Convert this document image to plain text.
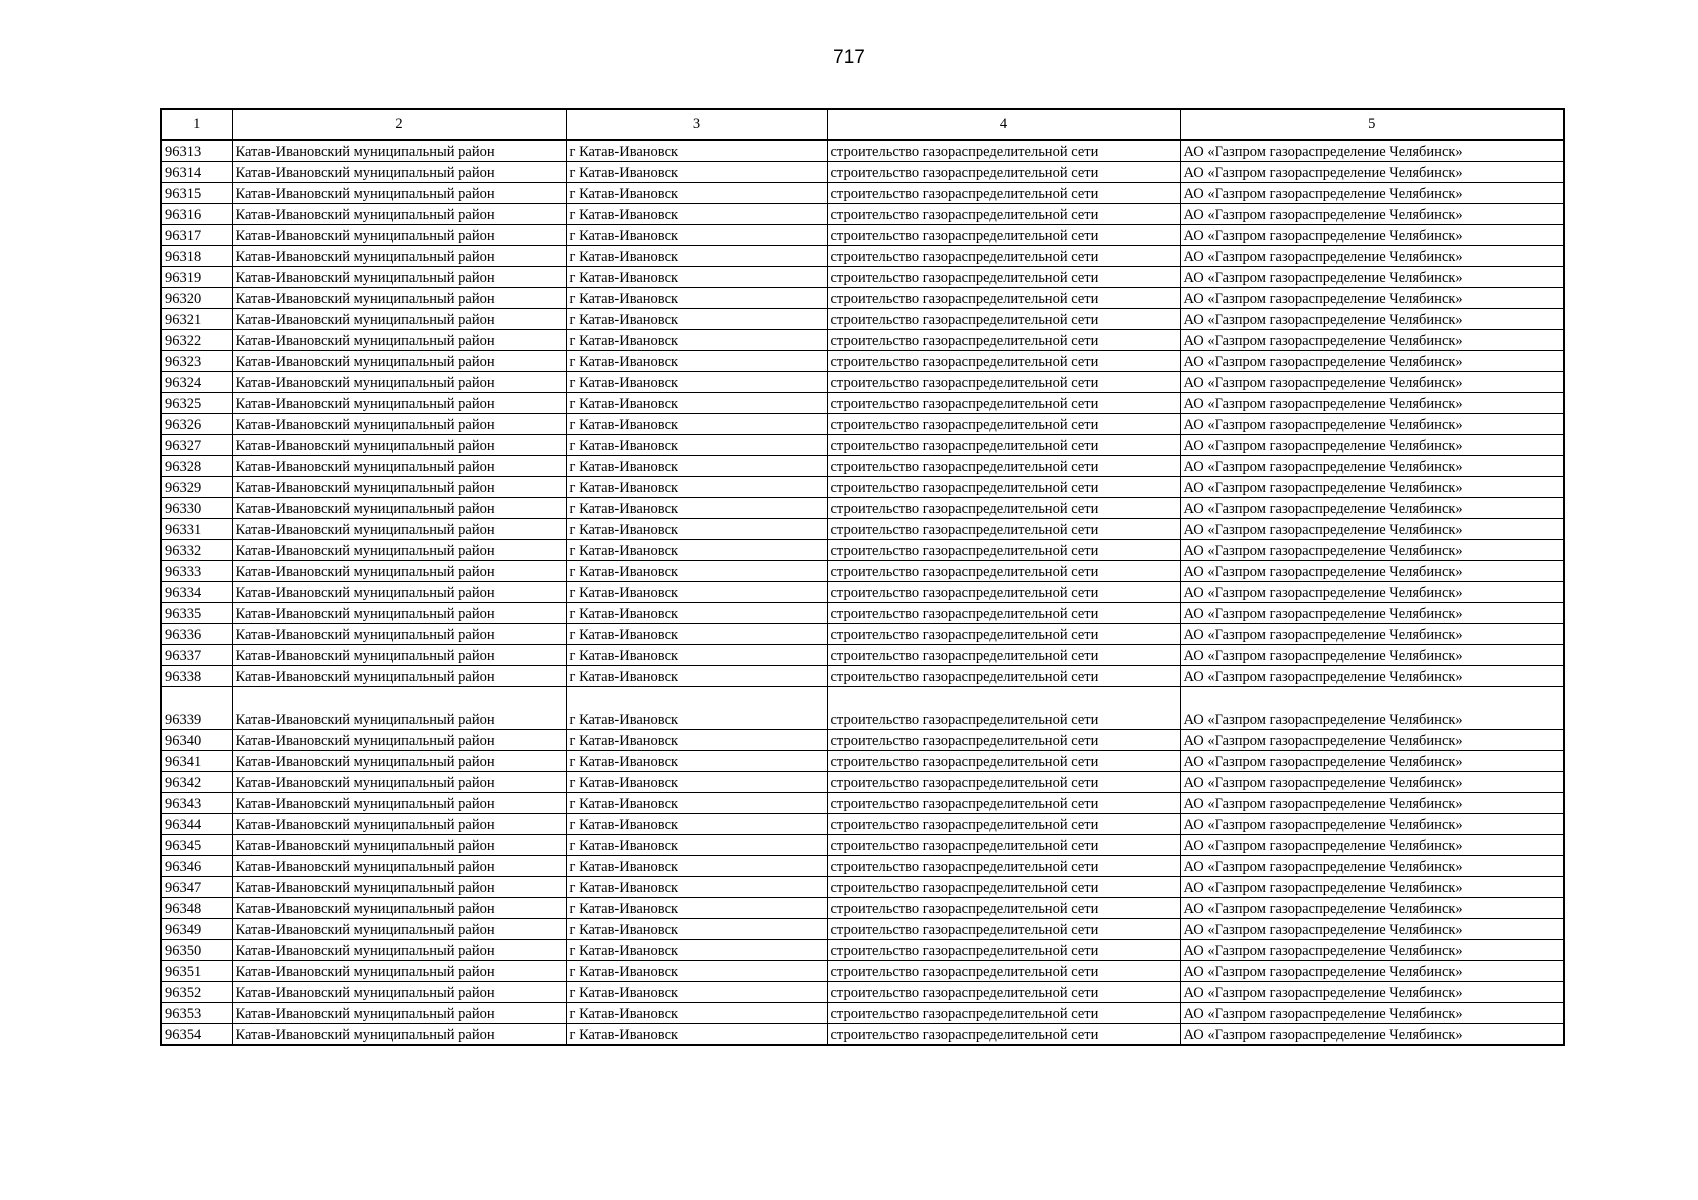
717
1	2	3	4	5
96313	Катав-Ивановский муниципальный район	г Катав-Ивановск	строительство газораспределительной сети	АО «Газпром газораспределение Челябинск»
96314	Катав-Ивановский муниципальный район	г Катав-Ивановск	строительство газораспределительной сети	АО «Газпром газораспределение Челябинск»
96315	Катав-Ивановский муниципальный район	г Катав-Ивановск	строительство газораспределительной сети	АО «Газпром газораспределение Челябинск»
96316	Катав-Ивановский муниципальный район	г Катав-Ивановск	строительство газораспределительной сети	АО «Газпром газораспределение Челябинск»
96317	Катав-Ивановский муниципальный район	г Катав-Ивановск	строительство газораспределительной сети	АО «Газпром газораспределение Челябинск»
96318	Катав-Ивановский муниципальный район	г Катав-Ивановск	строительство газораспределительной сети	АО «Газпром газораспределение Челябинск»
96319	Катав-Ивановский муниципальный район	г Катав-Ивановск	строительство газораспределительной сети	АО «Газпром газораспределение Челябинск»
96320	Катав-Ивановский муниципальный район	г Катав-Ивановск	строительство газораспределительной сети	АО «Газпром газораспределение Челябинск»
96321	Катав-Ивановский муниципальный район	г Катав-Ивановск	строительство газораспределительной сети	АО «Газпром газораспределение Челябинск»
96322	Катав-Ивановский муниципальный район	г Катав-Ивановск	строительство газораспределительной сети	АО «Газпром газораспределение Челябинск»
96323	Катав-Ивановский муниципальный район	г Катав-Ивановск	строительство газораспределительной сети	АО «Газпром газораспределение Челябинск»
96324	Катав-Ивановский муниципальный район	г Катав-Ивановск	строительство газораспределительной сети	АО «Газпром газораспределение Челябинск»
96325	Катав-Ивановский муниципальный район	г Катав-Ивановск	строительство газораспределительной сети	АО «Газпром газораспределение Челябинск»
96326	Катав-Ивановский муниципальный район	г Катав-Ивановск	строительство газораспределительной сети	АО «Газпром газораспределение Челябинск»
96327	Катав-Ивановский муниципальный район	г Катав-Ивановск	строительство газораспределительной сети	АО «Газпром газораспределение Челябинск»
96328	Катав-Ивановский муниципальный район	г Катав-Ивановск	строительство газораспределительной сети	АО «Газпром газораспределение Челябинск»
96329	Катав-Ивановский муниципальный район	г Катав-Ивановск	строительство газораспределительной сети	АО «Газпром газораспределение Челябинск»
96330	Катав-Ивановский муниципальный район	г Катав-Ивановск	строительство газораспределительной сети	АО «Газпром газораспределение Челябинск»
96331	Катав-Ивановский муниципальный район	г Катав-Ивановск	строительство газораспределительной сети	АО «Газпром газораспределение Челябинск»
96332	Катав-Ивановский муниципальный район	г Катав-Ивановск	строительство газораспределительной сети	АО «Газпром газораспределение Челябинск»
96333	Катав-Ивановский муниципальный район	г Катав-Ивановск	строительство газораспределительной сети	АО «Газпром газораспределение Челябинск»
96334	Катав-Ивановский муниципальный район	г Катав-Ивановск	строительство газораспределительной сети	АО «Газпром газораспределение Челябинск»
96335	Катав-Ивановский муниципальный район	г Катав-Ивановск	строительство газораспределительной сети	АО «Газпром газораспределение Челябинск»
96336	Катав-Ивановский муниципальный район	г Катав-Ивановск	строительство газораспределительной сети	АО «Газпром газораспределение Челябинск»
96337	Катав-Ивановский муниципальный район	г Катав-Ивановск	строительство газораспределительной сети	АО «Газпром газораспределение Челябинск»
96338	Катав-Ивановский муниципальный район	г Катав-Ивановск	строительство газораспределительной сети	АО «Газпром газораспределение Челябинск»
96339	Катав-Ивановский муниципальный район	г Катав-Ивановск	строительство газораспределительной сети	АО «Газпром газораспределение Челябинск»
96340	Катав-Ивановский муниципальный район	г Катав-Ивановск	строительство газораспределительной сети	АО «Газпром газораспределение Челябинск»
96341	Катав-Ивановский муниципальный район	г Катав-Ивановск	строительство газораспределительной сети	АО «Газпром газораспределение Челябинск»
96342	Катав-Ивановский муниципальный район	г Катав-Ивановск	строительство газораспределительной сети	АО «Газпром газораспределение Челябинск»
96343	Катав-Ивановский муниципальный район	г Катав-Ивановск	строительство газораспределительной сети	АО «Газпром газораспределение Челябинск»
96344	Катав-Ивановский муниципальный район	г Катав-Ивановск	строительство газораспределительной сети	АО «Газпром газораспределение Челябинск»
96345	Катав-Ивановский муниципальный район	г Катав-Ивановск	строительство газораспределительной сети	АО «Газпром газораспределение Челябинск»
96346	Катав-Ивановский муниципальный район	г Катав-Ивановск	строительство газораспределительной сети	АО «Газпром газораспределение Челябинск»
96347	Катав-Ивановский муниципальный район	г Катав-Ивановск	строительство газораспределительной сети	АО «Газпром газораспределение Челябинск»
96348	Катав-Ивановский муниципальный район	г Катав-Ивановск	строительство газораспределительной сети	АО «Газпром газораспределение Челябинск»
96349	Катав-Ивановский муниципальный район	г Катав-Ивановск	строительство газораспределительной сети	АО «Газпром газораспределение Челябинск»
96350	Катав-Ивановский муниципальный район	г Катав-Ивановск	строительство газораспределительной сети	АО «Газпром газораспределение Челябинск»
96351	Катав-Ивановский муниципальный район	г Катав-Ивановск	строительство газораспределительной сети	АО «Газпром газораспределение Челябинск»
96352	Катав-Ивановский муниципальный район	г Катав-Ивановск	строительство газораспределительной сети	АО «Газпром газораспределение Челябинск»
96353	Катав-Ивановский муниципальный район	г Катав-Ивановск	строительство газораспределительной сети	АО «Газпром газораспределение Челябинск»
96354	Катав-Ивановский муниципальный район	г Катав-Ивановск	строительство газораспределительной сети	АО «Газпром газораспределение Челябинск»
